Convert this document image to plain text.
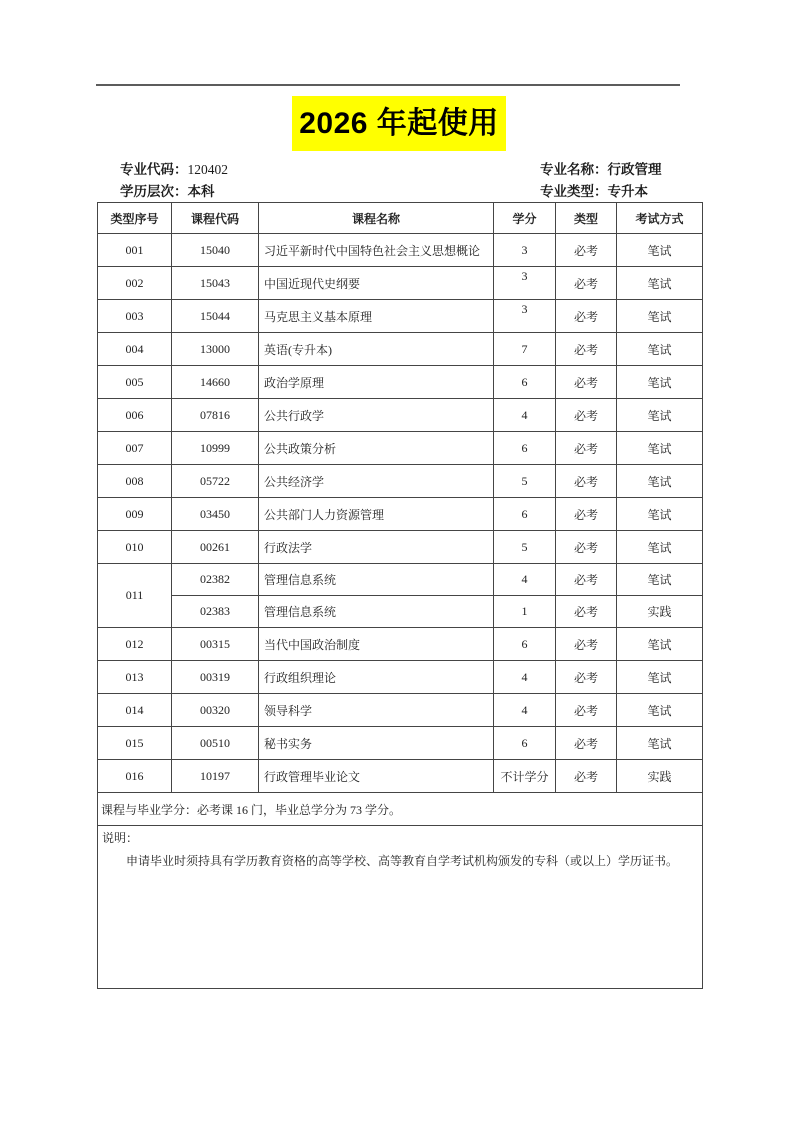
2026 年起使用
专业代码：120402	专业名称：行政管理
学历层次：本科	专业类型：专升本
类型序号	课程代码	课程名称	学分	类型	考试方式
001	15040	习近平新时代中国特色社会主义思想概论	3	必考	笔试
002	15043	中国近现代史纲要	3	必考	笔试
003	15044	马克思主义基本原理	3	必考	笔试
004	13000	英语(专升本)	7	必考	笔试
005	14660	政治学原理	6	必考	笔试
006	07816	公共行政学	4	必考	笔试
007	10999	公共政策分析	6	必考	笔试
008	05722	公共经济学	5	必考	笔试
009	03450	公共部门人力资源管理	6	必考	笔试
010	00261	行政法学	5	必考	笔试
011	02382	管理信息系统	4	必考	笔试
	02383	管理信息系统	1	必考	实践
012	00315	当代中国政治制度	6	必考	笔试
013	00319	行政组织理论	4	必考	笔试
014	00320	领导科学	4	必考	笔试
015	00510	秘书实务	6	必考	笔试
016	10197	行政管理毕业论文	不计学分	必考	实践
课程与毕业学分：必考课 16 门，毕业总学分为 73 学分。					

说明：
申请毕业时须持具有学历教育资格的高等学校、高等教育自学考试机构颁发的专科（或以上）学历证书。					
